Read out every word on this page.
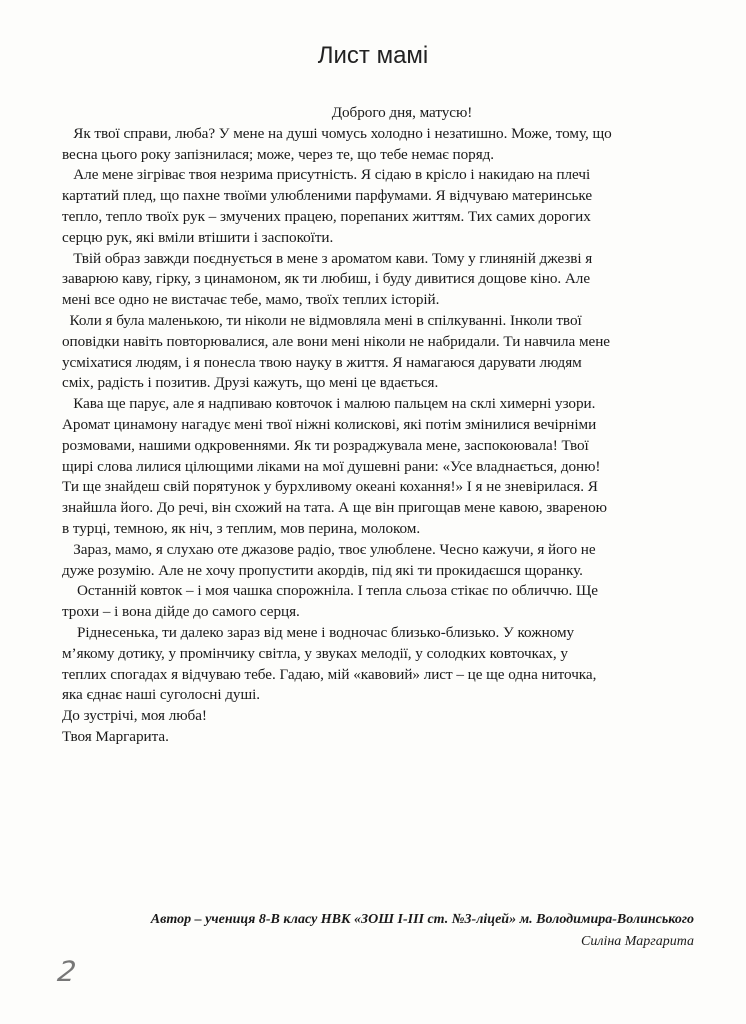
Лист мамі
Доброго дня, матусю!
Як твої справи, люба? У мене на душі чомусь холодно і незатишно. Може, тому, що
весна цього року запізнилася; може, через те, що тебе немає поряд.
Але мене зігріває твоя незрима присутність. Я сідаю в крісло і накидаю на плечі
картатий плед, що пахне твоїми улюбленими парфумами. Я відчуваю материнське
тепло, тепло твоїх рук – змучених працею, порепаних життям. Тих самих дорогих
серцю рук, які вміли втішити і заспокоїти.
Твій образ завжди поєднується в мене з ароматом кави. Тому у глиняній джезві я
заварюю каву, гірку, з цинамоном, як ти любиш, і буду дивитися дощове кіно. Але
мені все одно не вистачає тебе, мамо, твоїх теплих історій.
Коли я була маленькою, ти ніколи не відмовляла мені в спілкуванні. Інколи твої
оповідки навіть повторювалися, але вони мені ніколи не набридали. Ти навчила мене
усміхатися людям, і я понесла твою науку в життя. Я намагаюся дарувати людям
сміх, радість і позитив. Друзі кажуть, що мені це вдається.
Кава ще парує, але я надпиваю ковточок і малюю пальцем на склі химерні узори.
Аромат цинамону нагадує мені твої ніжні колискові, які потім змінилися вечірніми
розмовами, нашими одкровеннями. Як ти розраджувала мене, заспокоювала! Твої
щирі слова лилися цілющими ліками на мої душевні рани: «Усе владнається, доню!
Ти ще знайдеш свій порятунок у бурхливому океані кохання!» І я не зневірилася. Я
знайшла його. До речі, він схожий на тата. А ще він пригощав мене кавою, звареною
в турці, темною, як ніч, з теплим, мов перина, молоком.
Зараз, мамо, я слухаю оте джазове радіо, твоє улюблене. Чесно кажучи, я його не
дуже розумію. Але не хочу пропустити акордів, під які ти прокидаєшся щоранку.
Останній ковток – і моя чашка спорожніла. І тепла сльоза стікає по обличчю. Ще
трохи – і вона дійде до самого серця.
Ріднесенька, ти далеко зараз від мене і водночас близько-близько. У кожному
м’якому дотику, у промінчику світла, у звуках мелодії, у солодких ковточках, у
теплих спогадах я відчуваю тебе. Гадаю, мій «кавовий» лист – це ще одна ниточка,
яка єднає наші суголосні душі.
До зустрічі, моя люба!
Твоя Маргарита.
Автор – учениця 8-В класу НВК «ЗОШ І-ІІІ ст. №3-ліцей» м. Володимира-Волинського
Силіна Маргарита
2
